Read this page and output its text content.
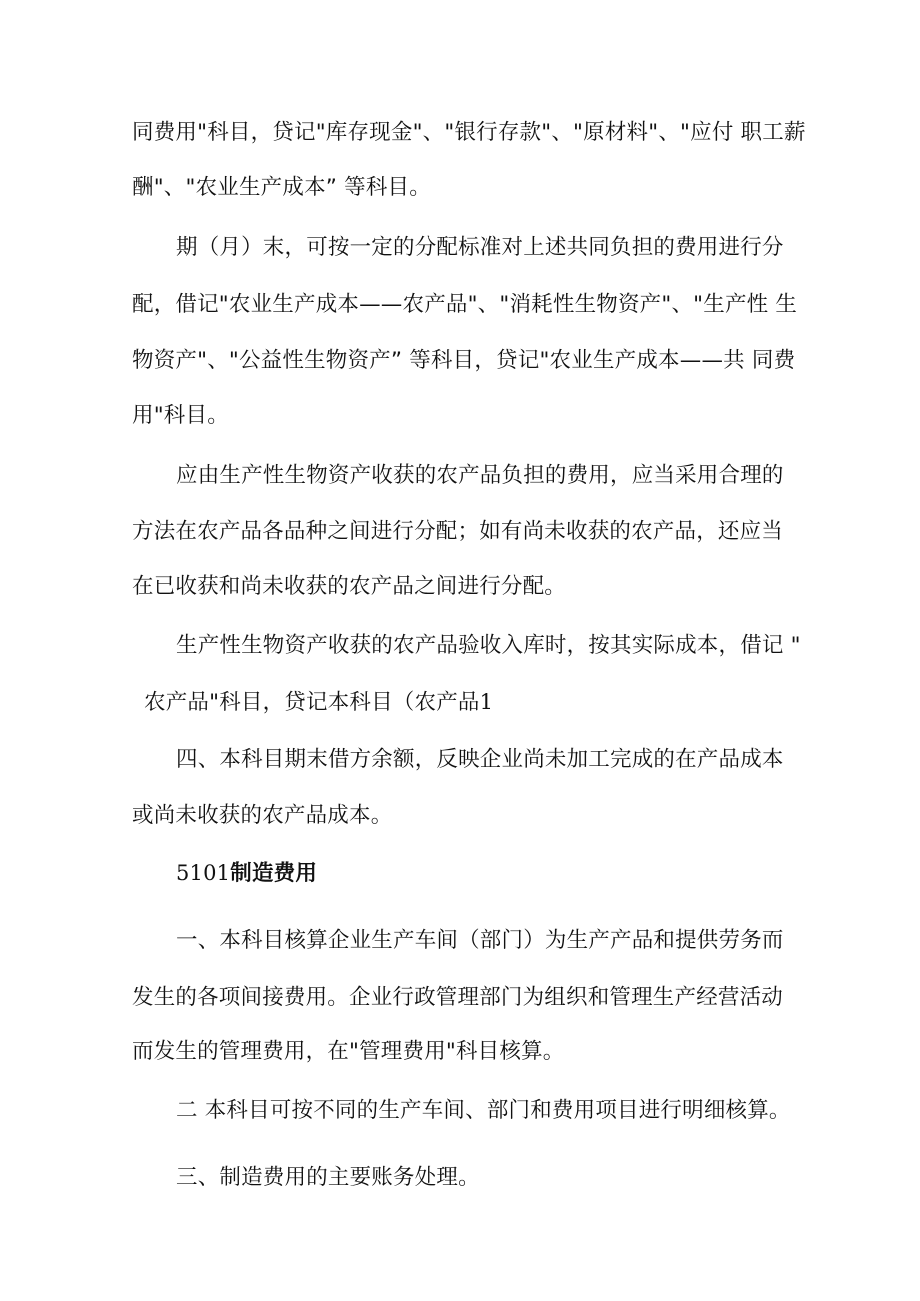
同费用"科目，贷记"库存现金"、"银行存款"、"原材料"、"应付 职工薪
酬"、"农业生产成本” 等科目。
期（月）末，可按一定的分配标准对上述共同负担的费用进行分
配，借记"农业生产成本——农产品"、"消耗性生物资产"、"生产性 生
物资产"、"公益性生物资产” 等科目，贷记"农业生产成本——共 同费
用"科目。
应由生产性生物资产收获的农产品负担的费用，应当采用合理的
方法在农产品各品种之间进行分配；如有尚未收获的农产品，还应当
在已收获和尚未收获的农产品之间进行分配。
生产性生物资产收获的农产品验收入库时，按其实际成本，借记 "
农产品"科目，贷记本科目（农产品1
四、本科目期末借方余额，反映企业尚未加工完成的在产品成本
或尚未收获的农产品成本。
5101制造费用
一、本科目核算企业生产车间（部门）为生产产品和提供劳务而
发生的各项间接费用。企业行政管理部门为组织和管理生产经营活动
而发生的管理费用，在"管理费用"科目核算。
二 本科目可按不同的生产车间、部门和费用项目进行明细核算。
三、制造费用的主要账务处理。
